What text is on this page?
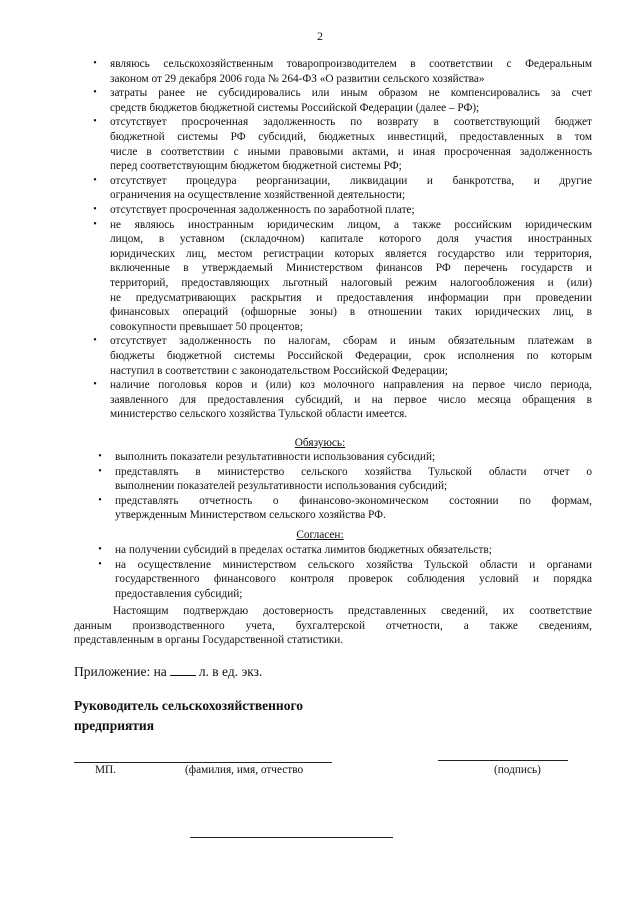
2
• являюсь сельскохозяйственным товаропроизводителем в соответствии с Федеральным
законом от 29 декабря 2006 года № 264-ФЗ «О развитии сельского хозяйства»
• затраты ранее не субсидировались или иным образом не компенсировались за счет
средств бюджетов бюджетной системы Российской Федерации (далее – РФ);
• отсутствует просроченная задолженность по возврату в соответствующий бюджет
бюджетной системы РФ субсидий, бюджетных инвестиций, предоставленных в том
числе в соответствии с иными правовыми актами, и иная просроченная задолженность
перед соответствующим бюджетом бюджетной системы РФ;
• отсутствует процедура реорганизации, ликвидации и банкротства, и другие
ограничения на осуществление хозяйственной деятельности;
• отсутствует просроченная задолженность по заработной плате;
• не являюсь иностранным юридическим лицом, а также российским юридическим
лицом, в уставном (складочном) капитале которого доля участия иностранных
юридических лиц, местом регистрации которых является государство или территория,
включенные в утверждаемый Министерством финансов РФ перечень государств и
территорий, предоставляющих льготный налоговый режим налогообложения и (или)
не предусматривающих раскрытия и предоставления информации при проведении
финансовых операций (офшорные зоны) в отношении таких юридических лиц, в
совокупности превышает 50 процентов;
• отсутствует задолженность по налогам, сборам и иным обязательным платежам в
бюджеты бюджетной системы Российской Федерации, срок исполнения по которым
наступил в соответствии с законодательством Российской Федерации;
• наличие поголовья коров и (или) коз молочного направления на первое число периода,
заявленного для предоставления субсидий, и на первое число месяца обращения в
министерство сельского хозяйства Тульской области имеется.
• выполнить показатели результативности использования субсидий;
• представлять в министерство сельского хозяйства Тульской области отчет о
выполнении показателей результативности использования субсидий;
• представлять отчетность о финансово-экономическом состоянии по формам,
утвержденным Министерством сельского хозяйства РФ.
• на получении субсидий в пределах остатка лимитов бюджетных обязательств;
• на осуществление министерством сельского хозяйства Тульской области и органами
государственного финансового контроля проверок соблюдения условий и порядка
предоставления субсидий;
Настоящим подтверждаю достоверность представленных сведений, их соответствие
данным производственного учета, бухгалтерской отчетности, а также сведениям,
представленным в органы Государственной статистики.
Обязуюсь:
Согласен:
Приложение: на л. в ед. экз.
Руководитель сельскохозяйственного
предприятия
МП.	(фамилия, имя, отчество	(подпись)
